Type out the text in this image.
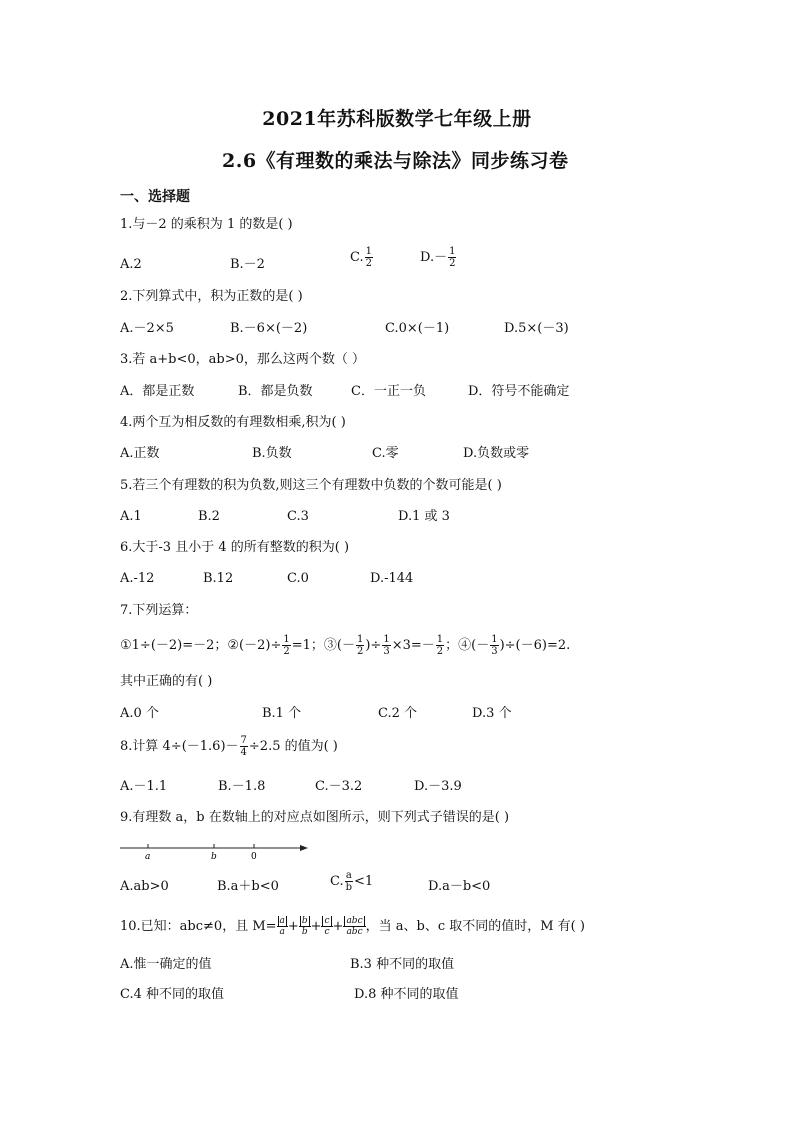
2021年苏科版数学七年级上册
2.6《有理数的乘法与除法》同步练习卷
一、选择题
1.与－2 的乘积为 1 的数是( )
A.2	B.－2	C. $\frac{1}{2}$	$D.- \frac{1}{2}$
2.下列算式中，积为正数的是( )
A.－2×5	B.－6×(－2)	C.0×(－1)	D.5×(－3)
3.若 a+b<0，ab>0，那么这两个数（ ）
A．都是正数	B．都是负数	C．一正一负	D．符号不能确定
4.两个互为相反数的有理数相乘,积为( )
A.正数	B.负数	C.零	D.负数或零
5.若三个有理数的积为负数,则这三个有理数中负数的个数可能是( )
A.1	B.2	C.3	D.1 或 3
6.大于-3 且小于 4 的所有整数的积为( )
A.-12	B.12	C.0	D.-144
7.下列运算：
①1÷(－2)=－2；②(－2)÷ $\frac{1}{2} =1$；③(－ $\frac{1}{2}$ )÷ $\frac{1}{3} \times 3=- \frac{1}{2}$ ；④(－ $\frac{1}{3} )\div(-6)=2$.
其中正确的有( )
A.0 个	B.1 个	C.2 个	D.3 个
8.计算 $4\div(-1.6)- \frac{7}{4} \div 2.5$ 的值为( )
A.－1.1	B.－1.8	C.－3.2	D.－3.9
9.有理数 a，b 在数轴上的对应点如图所示，则下列式子错误的是( )
a	b	0
A.ab>0	B.a＋b<0	C. $\frac{a}{b} <1$	D.a－b<0
10.已知：abc≠0，且 $M= \frac{a}{a} + \frac{b}{b} + \frac{c}{c} + \frac{\text{abc}}{\text{abc}}$ ，当 a、b、c 取不同的值时，M 有( )
A.惟一确定的值	B.3 种不同的取值
C.4 种不同的取值	D.8 种不同的取值
